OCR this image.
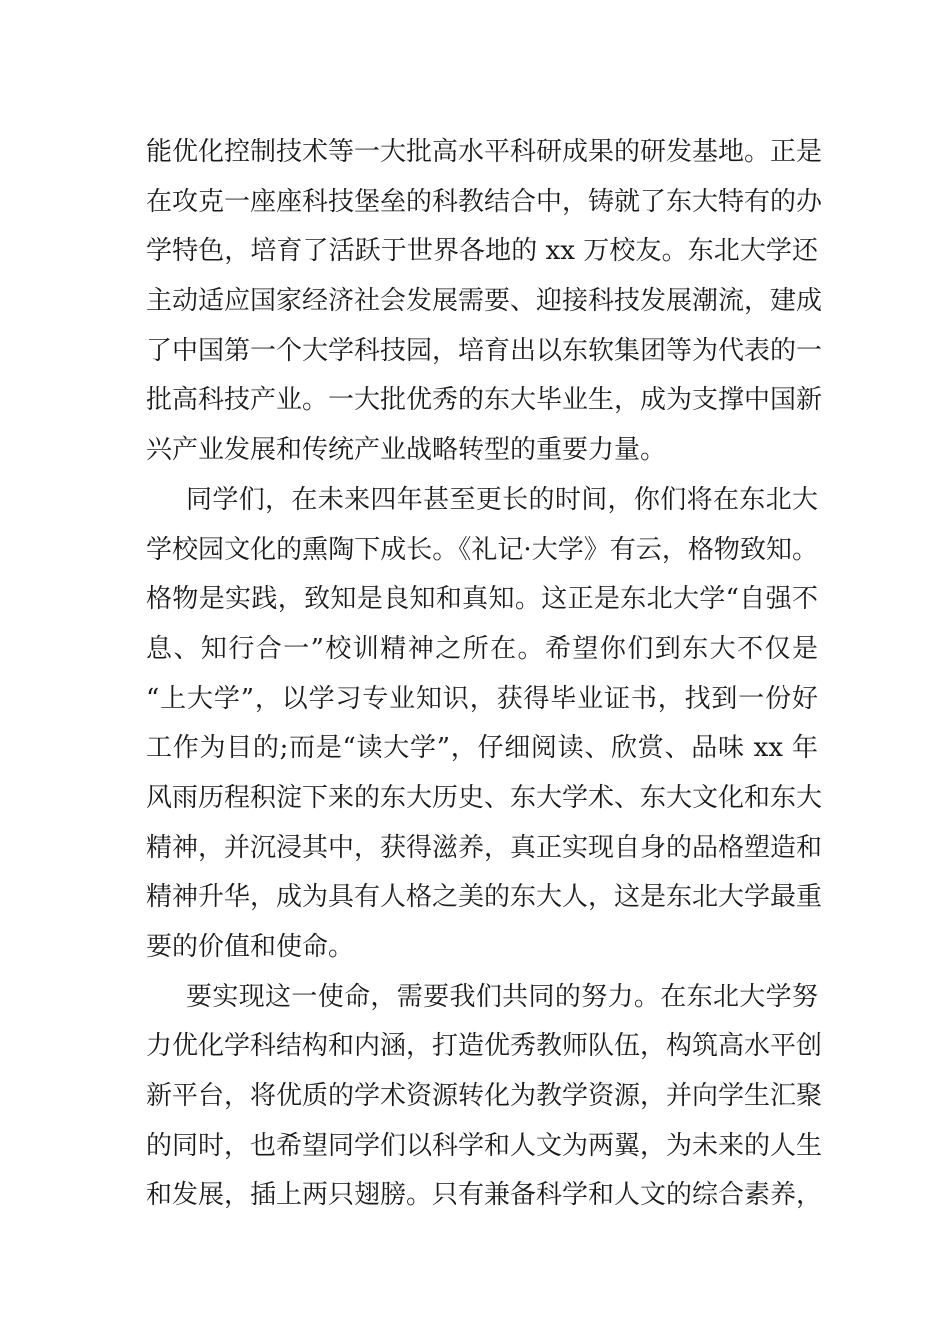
能优化控制技术等一大批高水平科研成果的研发基地。正是
在攻克一座座科技堡垒的科教结合中，铸就了东大特有的办
学特色，培育了活跃于世界各地的 xx 万校友。东北大学还
主动适应国家经济社会发展需要、迎接科技发展潮流，建成
了中国第一个大学科技园，培育出以东软集团等为代表的一
批高科技产业。一大批优秀的东大毕业生，成为支撑中国新
兴产业发展和传统产业战略转型的重要力量。
同学们，在未来四年甚至更长的时间，你们将在东北大
学校园文化的熏陶下成长。《礼记·大学》有云，格物致知。
格物是实践，致知是良知和真知。这正是东北大学“自强不
息、知行合一”校训精神之所在。希望你们到东大不仅是
“上大学”，以学习专业知识，获得毕业证书，找到一份好
工作为目的;而是“读大学”，仔细阅读、欣赏、品味 xx 年
风雨历程积淀下来的东大历史、东大学术、东大文化和东大
精神，并沉浸其中，获得滋养，真正实现自身的品格塑造和
精神升华，成为具有人格之美的东大人，这是东北大学最重
要的价值和使命。
要实现这一使命，需要我们共同的努力。在东北大学努
力优化学科结构和内涵，打造优秀教师队伍，构筑高水平创
新平台，将优质的学术资源转化为教学资源，并向学生汇聚
的同时，也希望同学们以科学和人文为两翼，为未来的人生
和发展，插上两只翅膀。只有兼备科学和人文的综合素养，
